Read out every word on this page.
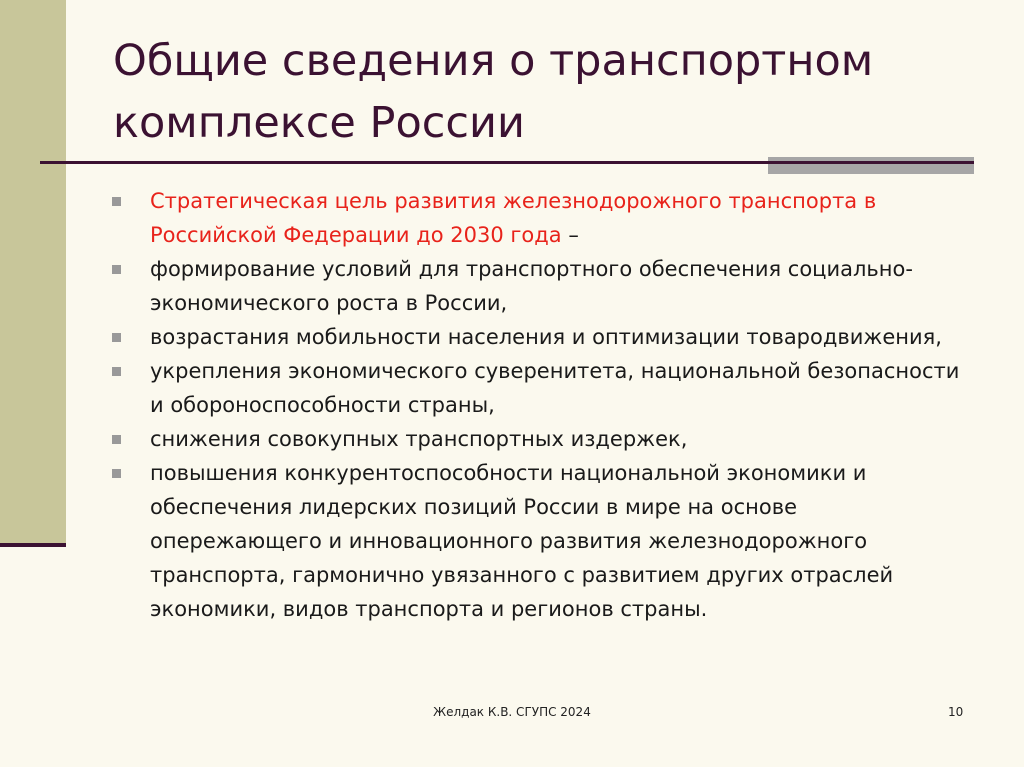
Общие сведения о транспортном
комплексе России
Стратегическая цель развития железнодорожного транспорта в Российской Федерации до 2030 года –
формирование условий для транспортного обеспечения социально-экономического роста в России,
возрастания мобильности населения и оптимизации товародвижения,
укрепления экономического суверенитета, национальной безопасности и обороноспособности страны,
снижения совокупных транспортных издержек,
повышения конкурентоспособности национальной экономики и обеспечения лидерских позиций России в мире на основе опережающего и инновационного развития железнодорожного транспорта, гармонично увязанного с развитием других отраслей экономики, видов транспорта и регионов страны.
Желдак К.В. СГУПС 2024	10
